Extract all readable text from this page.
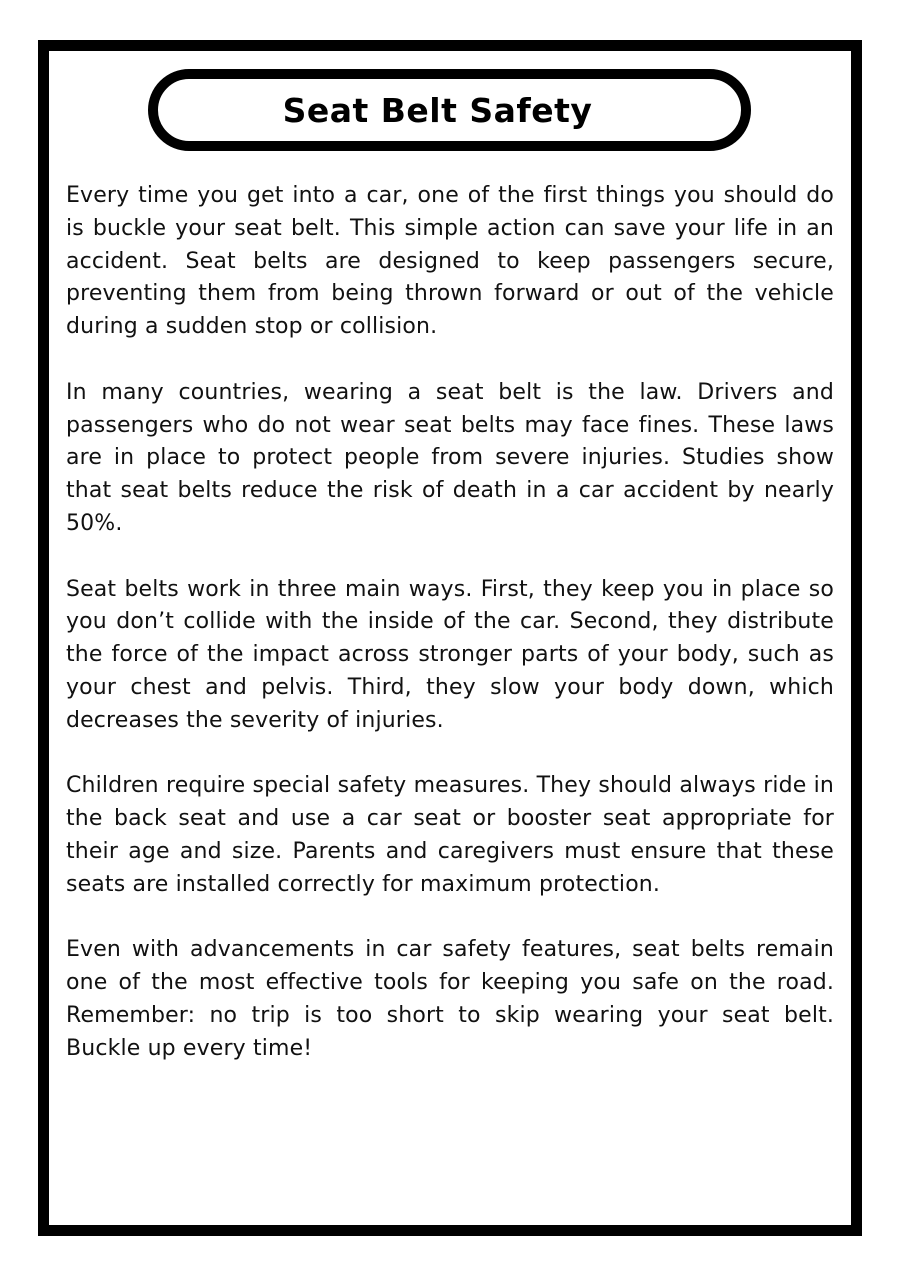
Seat Belt Safety

Every time you get into a car, one of the first things you should do is buckle your seat belt. This simple action can save your life in an accident. Seat belts are designed to keep passengers secure, preventing them from being thrown forward or out of the vehicle during a sudden stop or collision.

In many countries, wearing a seat belt is the law. Drivers and passengers who do not wear seat belts may face fines. These laws are in place to protect people from severe injuries. Studies show that seat belts reduce the risk of death in a car accident by nearly 50%.

Seat belts work in three main ways. First, they keep you in place so you don’t collide with the inside of the car. Second, they distribute the force of the impact across stronger parts of your body, such as your chest and pelvis. Third, they slow your body down, which decreases the severity of injuries.

Children require special safety measures. They should always ride in the back seat and use a car seat or booster seat appropriate for their age and size. Parents and caregivers must ensure that these seats are installed correctly for maximum protection.

Even with advancements in car safety features, seat belts remain one of the most effective tools for keeping you safe on the road. Remember: no trip is too short to skip wearing your seat belt. Buckle up every time!
